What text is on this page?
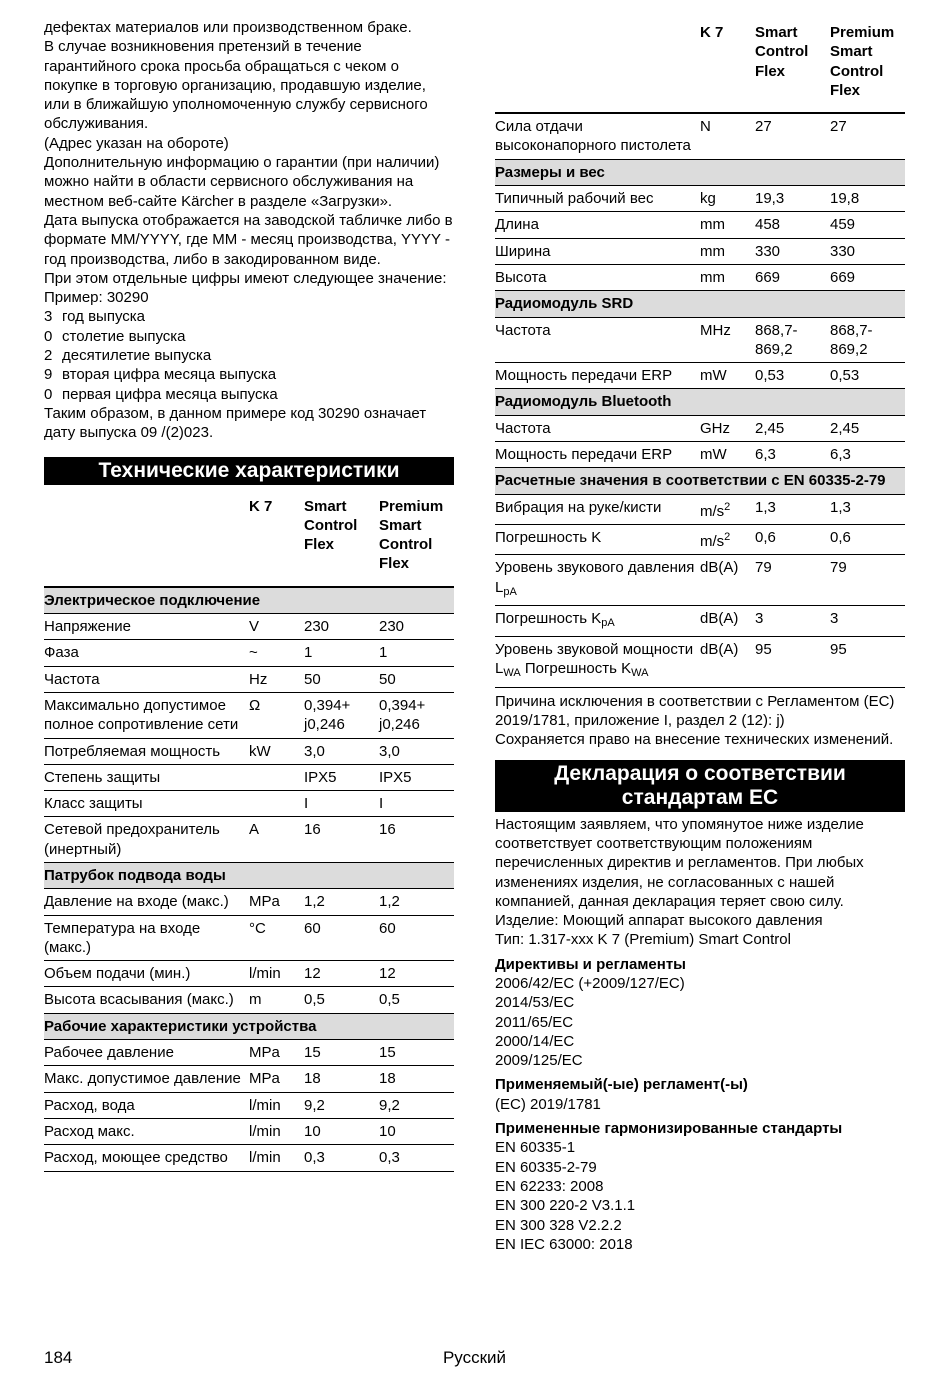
дефектах материалов или производственном браке.
В случае возникновения претензий в течение гарантийного срока просьба обращаться с чеком о покупке в торговую организацию, продавшую изделие, или в ближайшую уполномоченную службу сервисного обслуживания.
(Адрес указан на обороте)
Дополнительную информацию о гарантии (при наличии) можно найти в области сервисного обслуживания на местном веб-сайте Kärcher в разделе «Загрузки».
Дата выпуска отображается на заводской табличке либо в формате MM/YYYY, где MM - месяц производства, YYYY - год производства, либо в закодированном виде.
При этом отдельные цифры имеют следующее значение:
Пример: 30290
3 год выпуска
0 столетие выпуска
2 десятилетие выпуска
9 вторая цифра месяца выпуска
0 первая цифра месяца выпуска
Таким образом, в данном примере код 30290 означает дату выпуска 09 /(2)023.
Технические характеристики
	K 7	Smart Control Flex	Premium Smart Control Flex
Электрическое подключение			
Напряжение	V	230	230
Фаза	~	1	1
Частота	Hz	50	50
Максимально допустимое полное сопротивление сети	Ω	0,394+ j0,246	0,394+ j0,246
Потребляемая мощность	kW	3,0	3,0
Степень защиты		IPX5	IPX5
Класс защиты		I	I
Сетевой предохранитель (инертный)	A	16	16
Патрубок подвода воды			
Давление на входе (макс.)	MPa	1,2	1,2
Температура на входе (макс.)	°C	60	60
Объем подачи (мин.)	l/min	12	12
Высота всасывания (макс.)	m	0,5	0,5
Рабочие характеристики устройства			
Рабочее давление	MPa	15	15
Макс. допустимое давление	MPa	18	18
Расход, вода	l/min	9,2	9,2
Расход макс.	l/min	10	10
Расход, моющее средство	l/min	0,3	0,3
	K 7	Smart Control Flex	Premium Smart Control Flex
Сила отдачи высоконапорного пистолета	N	27	27
Размеры и вес			
Типичный рабочий вес	kg	19,3	19,8
Длина	mm	458	459
Ширина	mm	330	330
Высота	mm	669	669
Радиомодуль SRD			
Частота	MHz	868,7- 869,2	868,7- 869,2
Мощность передачи ERP	mW	0,53	0,53
Радиомодуль Bluetooth			
Частота	GHz	2,45	2,45
Мощность передачи ERP	mW	6,3	6,3
Расчетные значения в соответствии с EN 60335-2-79			
Вибрация на руке/кисти	$m/s^2$	1,3	1,3
Погрешность K	$m/s^2$	0,6	0,6
Уровень звукового давления $L_{pA}$	dB(A)	79	79
Погрешность $K_{pA}$	dB(A)	3	3
Уровень звуковой мощности $L_{WA}$ Погрешность $K_{WA}$	dB(A)	95	95
Причина исключения в соответствии с Регламентом (ЕС) 2019/1781, приложение I, раздел 2 (12): j)
Сохраняется право на внесение технических изменений.
Декларация о соответствии стандартам ЕС
Настоящим заявляем, что упомянутое ниже изделие соответствует соответствующим положениям перечисленных директив и регламентов. При любых изменениях изделия, не согласованных с нашей компанией, данная декларация теряет свою силу.
Изделие: Моющий аппарат высокого давления
Тип: 1.317-xxx K 7 (Premium) Smart Control
Директивы и регламенты
2006/42/EC (+2009/127/EC)
2014/53/EC
2011/65/EC
2000/14/EC
2009/125/EC
Применяемый(-ые) регламент(-ы)
(ЕС) 2019/1781
Примененные гармонизированные стандарты
EN 60335-1
EN 60335-2-79
EN 62233: 2008
EN 300 220-2 V3.1.1
EN 300 328 V2.2.2
EN IEC 63000: 2018
184	Русский
